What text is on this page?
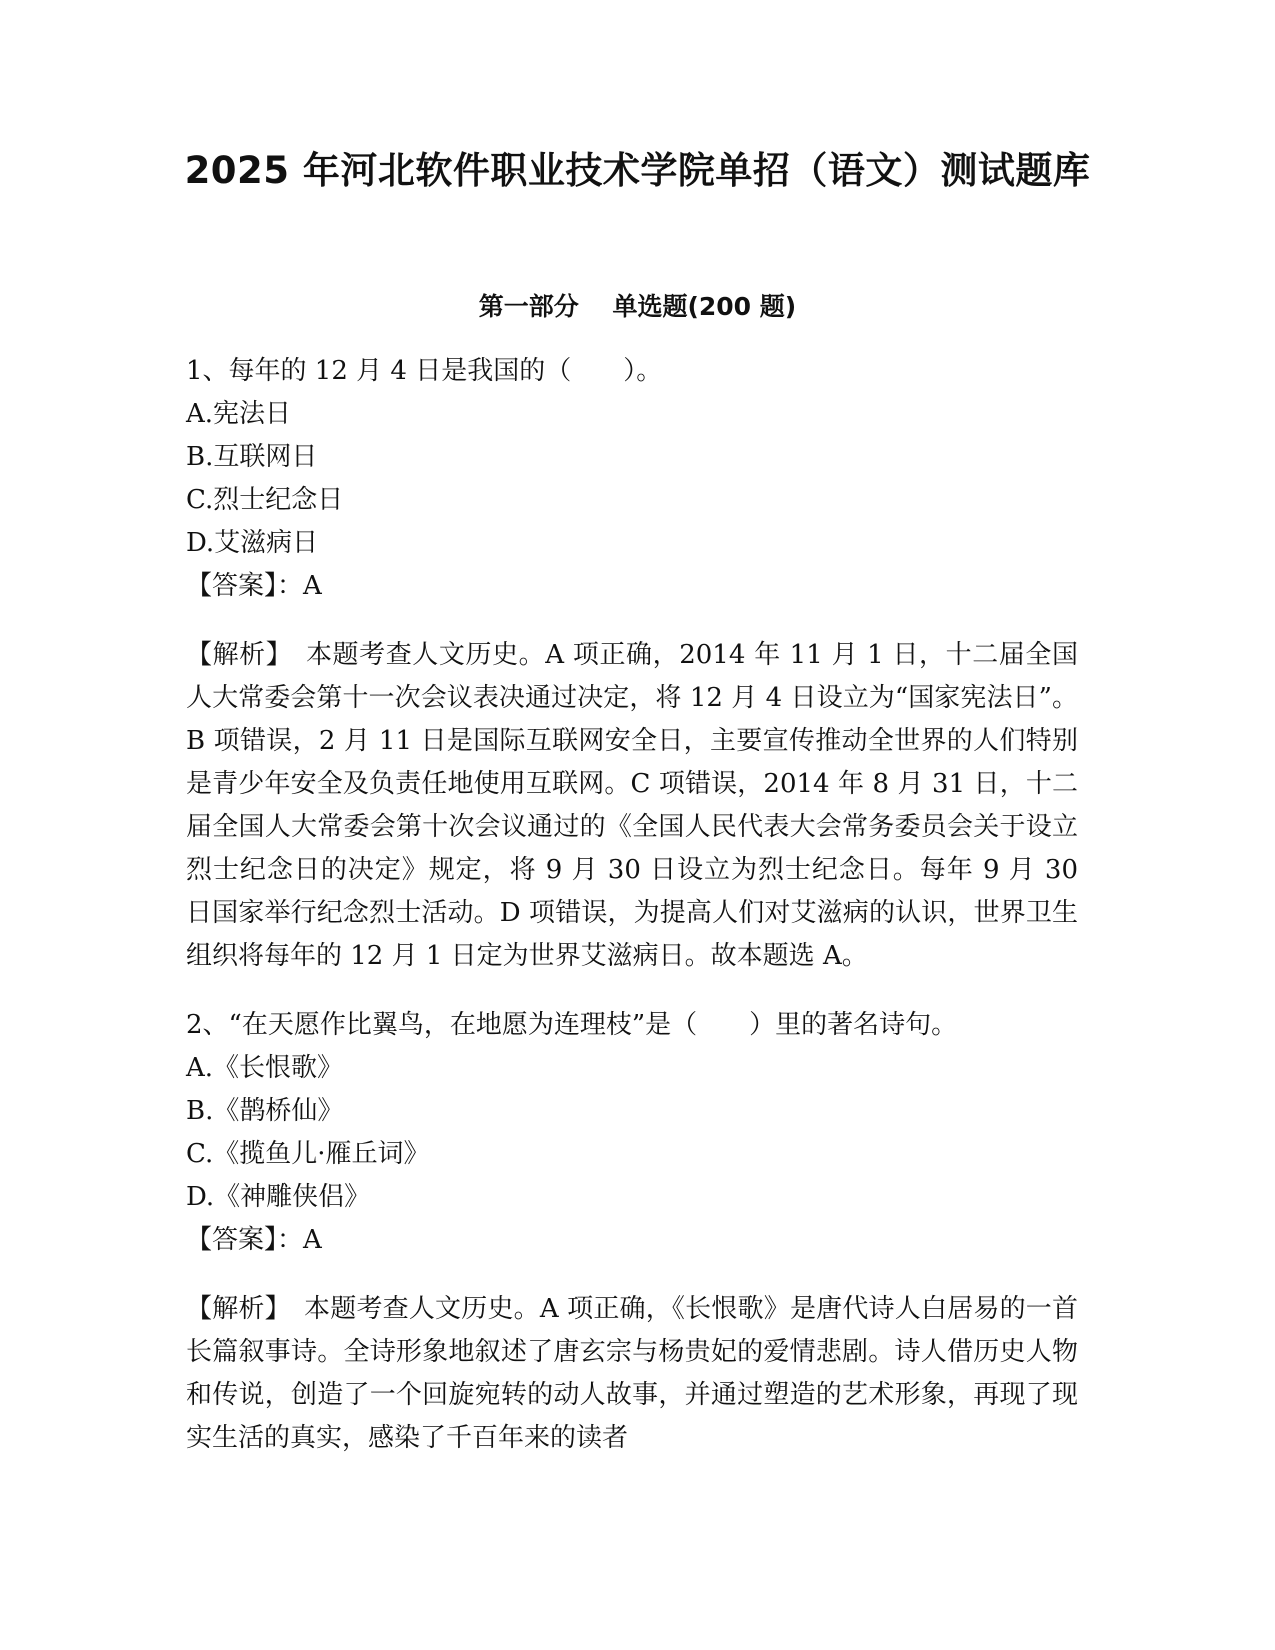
2025 年河北软件职业技术学院单招（语文）测试题库
第一部分　 单选题(200 题)

1、每年的 12 月 4 日是我国的（　　）。

A.宪法日

B.互联网日

C.烈士纪念日

D.艾滋病日

【答案】：A

【解析】　本题考查人文历史。A 项正确，2014 年 11 月 1 日，十二届全国人大常委会第十一次会议表决通过决定，将 12 月 4 日设立为“国家宪法日”。B 项错误，2 月 11 日是国际互联网安全日，主要宣传推动全世界的人们特别是青少年安全及负责任地使用互联网。C 项错误，2014 年 8 月 31 日，十二届全国人大常委会第十次会议通过的《全国人民代表大会常务委员会关于设立烈士纪念日的决定》规定，将 9 月 30 日设立为烈士纪念日。每年 9 月 30 日国家举行纪念烈士活动。D 项错误，为提高人们对艾滋病的认识，世界卫生组织将每年的 12 月 1 日定为世界艾滋病日。故本题选 A。

2、“在天愿作比翼鸟，在地愿为连理枝”是（　　）里的著名诗句。

A.《长恨歌》

B.《鹊桥仙》

C.《揽鱼儿·雁丘词》

D.《神雕侠侣》

【答案】：A

【解析】　本题考查人文历史。A 项正确，《长恨歌》是唐代诗人白居易的一首长篇叙事诗。全诗形象地叙述了唐玄宗与杨贵妃的爱情悲剧。诗人借历史人物和传说，创造了一个回旋宛转的动人故事，并通过塑造的艺术形象，再现了现实生活的真实，感染了千百年来的读者
